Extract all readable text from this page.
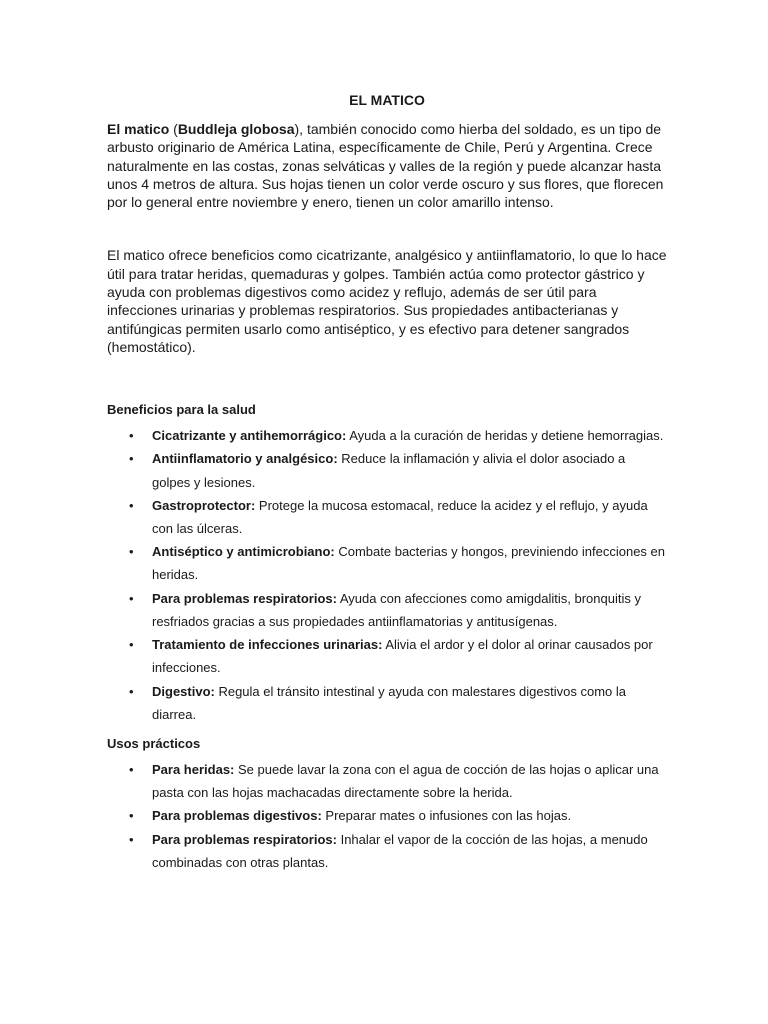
EL MATICO

El matico (Buddleja globosa), también conocido como hierba del soldado, es un tipo de arbusto originario de América Latina, específicamente de Chile, Perú y Argentina. Crece naturalmente en las costas, zonas selváticas y valles de la región y puede alcanzar hasta unos 4 metros de altura. Sus hojas tienen un color verde oscuro y sus flores, que florecen por lo general entre noviembre y enero, tienen un color amarillo intenso.

El matico ofrece beneficios como cicatrizante, analgésico y antiinflamatorio, lo que lo hace útil para tratar heridas, quemaduras y golpes. También actúa como protector gástrico y ayuda con problemas digestivos como acidez y reflujo, además de ser útil para infecciones urinarias y problemas respiratorios. Sus propiedades antibacterianas y antifúngicas permiten usarlo como antiséptico, y es efectivo para detener sangrados (hemostático).

Beneficios para la salud

• Cicatrizante y antihemorrágico: Ayuda a la curación de heridas y detiene hemorragias.
• Antiinflamatorio y analgésico: Reduce la inflamación y alivia el dolor asociado a golpes y lesiones.
• Gastroprotector: Protege la mucosa estomacal, reduce la acidez y el reflujo, y ayuda con las úlceras.
• Antiséptico y antimicrobiano: Combate bacterias y hongos, previniendo infecciones en heridas.
• Para problemas respiratorios: Ayuda con afecciones como amigdalitis, bronquitis y resfriados gracias a sus propiedades antiinflamatorias y antitusígenas.
• Tratamiento de infecciones urinarias: Alivia el ardor y el dolor al orinar causados por infecciones.
• Digestivo: Regula el tránsito intestinal y ayuda con malestares digestivos como la diarrea.

Usos prácticos

• Para heridas: Se puede lavar la zona con el agua de cocción de las hojas o aplicar una pasta con las hojas machacadas directamente sobre la herida.
• Para problemas digestivos: Preparar mates o infusiones con las hojas.
• Para problemas respiratorios: Inhalar el vapor de la cocción de las hojas, a menudo combinadas con otras plantas.
